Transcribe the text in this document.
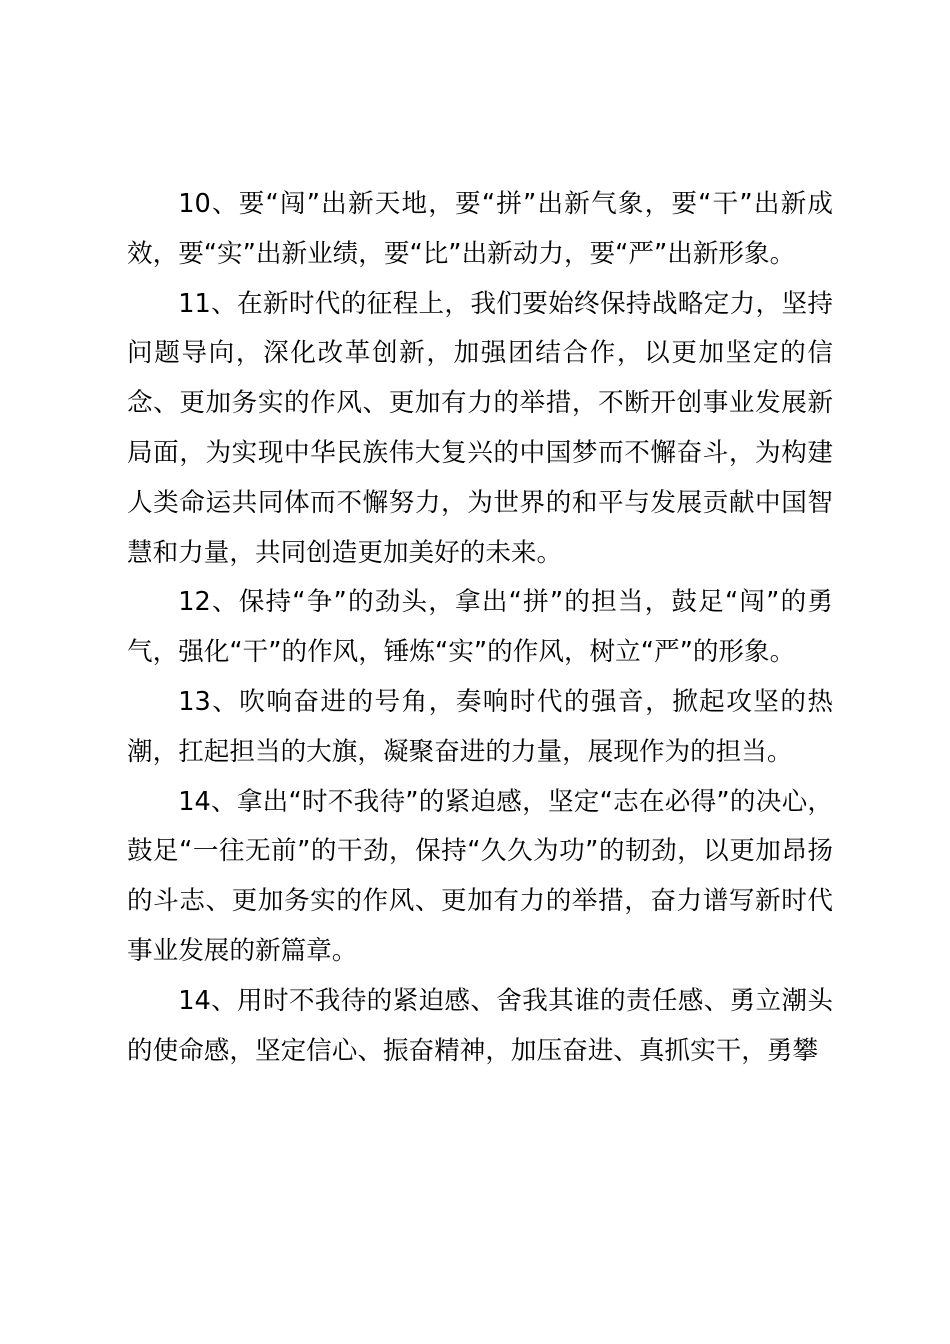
10、要“闯”出新天地，要“拼”出新气象，要“干”出新成效，要“实”出新业绩，要“比”出新动力，要“严”出新形象。

11、在新时代的征程上，我们要始终保持战略定力，坚持问题导向，深化改革创新，加强团结合作，以更加坚定的信念、更加务实的作风、更加有力的举措，不断开创事业发展新局面，为实现中华民族伟大复兴的中国梦而不懈奋斗，为构建人类命运共同体而不懈努力，为世界的和平与发展贡献中国智慧和力量，共同创造更加美好的未来。

12、保持“争”的劲头，拿出“拼”的担当，鼓足“闯”的勇气，强化“干”的作风，锤炼“实”的作风，树立“严”的形象。

13、吹响奋进的号角，奏响时代的强音，掀起攻坚的热潮，扛起担当的大旗，凝聚奋进的力量，展现作为的担当。

14、拿出“时不我待”的紧迫感，坚定“志在必得”的决心，鼓足“一往无前”的干劲，保持“久久为功”的韧劲，以更加昂扬的斗志、更加务实的作风、更加有力的举措，奋力谱写新时代事业发展的新篇章。

14、用时不我待的紧迫感、舍我其谁的责任感、勇立潮头的使命感，坚定信心、振奋精神，加压奋进、真抓实干，勇攀
